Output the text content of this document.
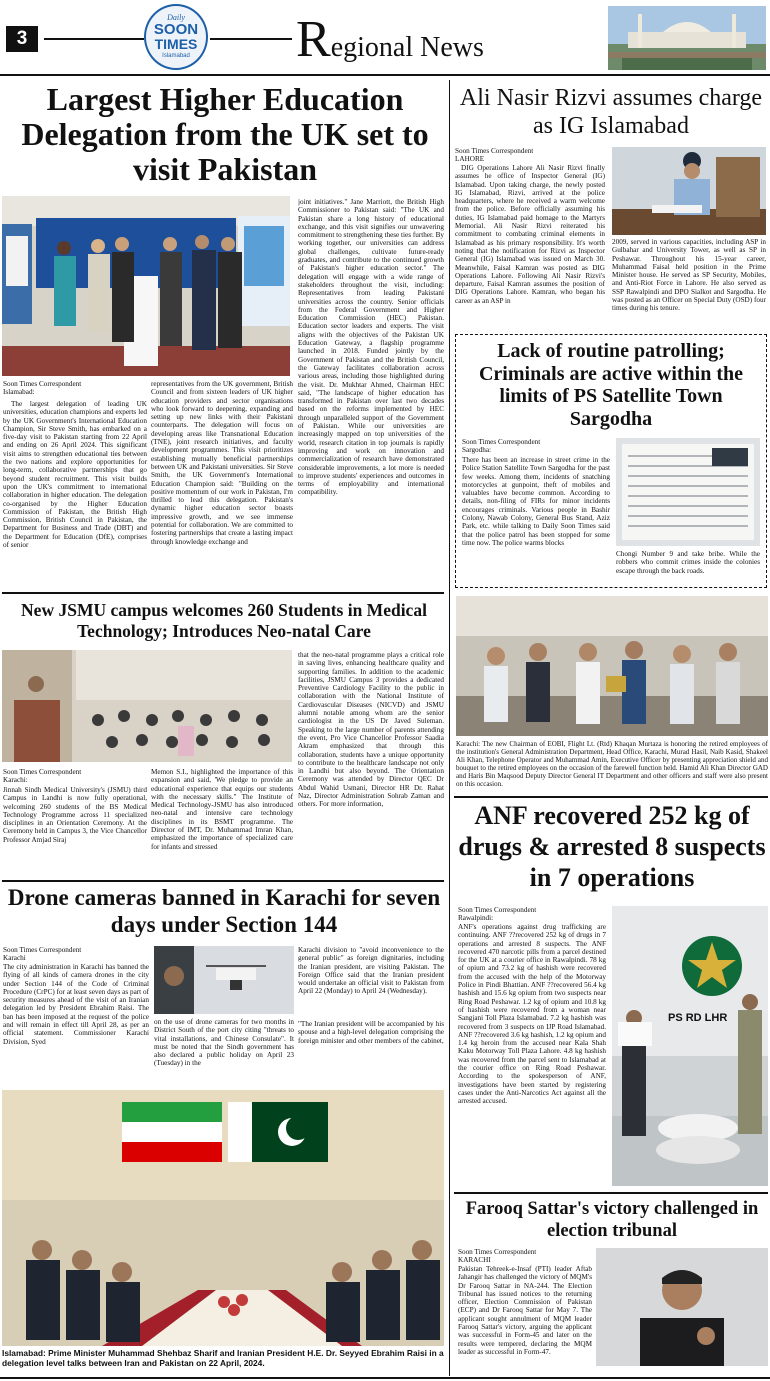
3
Daily
SOON
TIMES
Islamabad	Regional News
Largest Higher Education Delegation from the UK set to visit Pakistan
Soon Times Correspondent
Islamabad:
The largest delegation of leading UK universities, education champions and experts led by the UK Government's International Education Champion, Sir Steve Smith, has embarked on a five-day visit to Pakistan starting from 22 April and ending on 26 April 2024. This significant visit aims to strengthen educational ties between the two nations and explore opportunities for long-term, collaborative partnerships that go beyond student recruitment. This visit builds upon the UK's commitment to international collaboration in higher education. The delegation co-organised by the Higher Education Commission of Pakistan, the British High Commission, British Council in Pakistan, the Department for Business and Trade (DBT) and the Department for Education (DfE), comprises of senior
representatives from the UK government, British Council and from sixteen leaders of UK higher education providers and sector organisations who look forward to deepening, expanding and setting up new links with their Pakistani counterparts. The delegation will focus on developing areas like Transnational Education (TNE), joint research initiatives, and faculty development programmes. This visit prioritizes establishing mutually beneficial partnerships between UK and Pakistani universities. Sir Steve Smith, the UK Government's International Education Champion said: "Building on the positive momentum of our work in Pakistan, I'm thrilled to lead this delegation. Pakistan's dynamic higher education sector boasts impressive growth, and we see immense potential for collaboration. We are committed to fostering partnerships that create a lasting impact through knowledge exchange and
joint initiatives." Jane Marriott, the British High Commissioner to Pakistan said: "The UK and Pakistan share a long history of educational exchange, and this visit signifies our unwavering commitment to strengthening these ties further. By working together, our universities can address global challenges, cultivate future-ready graduates, and contribute to the continued growth of Pakistan's higher education sector." The delegation will engage with a wide range of stakeholders throughout the visit, including: Representatives from leading Pakistani universities across the country. Senior officials from the Federal Government and Higher Education Commission (HEC) Pakistan. Education sector leaders and experts. The visit aligns with the objectives of the Pakistan UK Education Gateway, a flagship programme launched in 2018. Funded jointly by the Government of Pakistan and the British Council, the Gateway facilitates collaboration across various areas, including those highlighted during the visit. Dr. Mukhtar Ahmed, Chairman HEC said, "The landscape of higher education has transformed in Pakistan over last two decades based on the reforms implemented by HEC through unparalleled support of the Government of Pakistan. While our universities are increasingly mapped on top universities of the world, research citation in top journals is rapidly improving and work on innovation and commercialization of research have demonstrated considerable improvements, a lot more is needed to improve students' experiences and outcomes in terms of employability and international compatibility.
Ali Nasir Rizvi assumes charge as IG Islamabad
Soon Times Correspondent
LAHORE
DIG Operations Lahore Ali Nasir Rizvi finally assumes he office of Inspector General (IG) Islamabad. Upon taking charge, the newly posted IG Islamabad, Rizvi, arrived at the police headquarters, where he received a warm welcome from the police. Before officially assuming his duties, IG Islamabad paid homage to the Martyrs Memorial. Ali Nasir Rizvi reiterated his commitment to combating criminal elements in Islamabad as his primary responsibility. It's worth noting that the notification for Rizvi as Inspector General (IG) Islamabad was issued on March 30. Meanwhile, Faisal Kamran was posted as DIG Operations Lahore. Following Ali Nasir Rizvi's departure, Faisal Kamran assumes the position of DIG Operations Lahore. Kamran, who began his career as an ASP in
2009, served in various capacities, including ASP in Gulbahar and University Tower, as well as SP in Peshawar. Throughout his 15-year career, Muhammad Faisal held position in the Prime Minister house. He served as SP Security, Mobiles, and Anti-Riot Force in Lahore. He also served as SSP Rawalpindi and DPO Sialkot and Sargodha. He was posted as an Officer on Special Duty (OSD) four times during his tenure.
Lack of routine patrolling; Criminals are active within the limits of PS Satellite Town Sargodha
Soon Times Correspondent
Sargodha:
There has been an increase in street crime in the Police Station Satellite Town Sargodha for the past few weeks. Among them, incidents of snatching motorcycles at gunpoint, theft of mobiles and valuables have become common. According to details, non-filing of FIRs for minor incidents encourages criminals. Various people in Bashir Colony, Nawab Colony, General Bus Stand, Aziz Park, etc. while talking to Daily Soon Times said that the police patrol has been stopped for some time now. The police warms blocks
Chongi Number 9 and take bribe. While the robbers who commit crimes inside the colonies escape through the back roads.
New JSMU campus welcomes 260 Students in Medical Technology; Introduces Neo-natal Care
Soon Times Correspondent
Karachi:
Jinnah Sindh Medical University's (JSMU) third Campus in Landhi is now fully operational, welcoming 260 students of the BS Medical Technology Programme across 11 specialized disciplines in an Orientation Ceremony. At the Ceremony held in Campus 3, the Vice Chancellor Professor Amjad Siraj
Memon S.I., highlighted the importance of this expansion and said, 'We pledge to provide an educational experience that equips our students with the necessary skills." The Institute of Medical Technology-JSMU has also introduced neo-natal and intensive care technology disciplines in its BSMT programme. The Director of IMT, Dr. Muhammad Imran Khan, emphasized the importance of specialized care for infants and stressed
that the neo-natal programme plays a critical role in saving lives, enhancing healthcare quality and supporting families. In addition to the academic facilities, JSMU Campus 3 provides a dedicated Preventive Cardiology Facility to the public in collaboration with the National Institute of Cardiovascular Diseases (NICVD) and JSMU alumni notable among whom are the senior cardiologist in the US Dr Javed Suleman. Speaking to the large number of parents attending the event, Pro Vice Chancellor Professor Saadia Akram emphasized that through this collaboration, students have a unique opportunity to contribute to the healthcare landscape not only in Landhi but also beyond. The Orientation Ceremony was attended by Director QEC Dr Abdul Wahid Usmani, Director HR Dr. Rahat Naz, Director Administration Sohrab Zaman and others. For more information,
Karachi: The new Chairman of EOBI, Flight Lt. (Rtd) Khaqan Murtaza is honoring the retired employees of the institution's General Administration Department, Head Office, Karachi, Murad Hasil, Naib Kasid, Shakeel Ali Khan, Telephone Operator and Muhammad Amin, Executive Officer by presenting appreciation shield and bouquet to the retired employees on the occasion of the farewell function held. Hamid Ali Khan Director GAD and Haris Bin Maqsood Deputy Director General IT Department and other officers and staff were also present on this occasion.
ANF recovered 252 kg of drugs & arrested 8 suspects in 7 operations
Soon Times Correspondent
Rawalpindi:
ANF's operations against drug trafficking are continuing. ANF ??recovered 252 kg of drugs in 7 operations and arrested 8 suspects. The ANF recovered 470 narcotic pills from a parcel destined for the UK at a courier office in Rawalpindi. 78 kg of opium and 73.2 kg of hashish were recovered from the accused with the help of the Motorway Police in Pindi Bhattian. ANF ??recovered 56.4 kg hashish and 15.6 kg opium from two suspects near Ring Road Peshawar. 1.2 kg of opium and 10.8 kg of hashish were recovered from a woman near Sangjani Toll Plaza Islamabad. 7.2 kg hashish was recovered from 3 suspects on IJP Road Islamabad. ANF ??recovered 3.6 kg hashish, 1.2 kg opium and 1.4 kg heroin from the accused near Kala Shah Kaku Motorway Toll Plaza Lahore. 4.8 kg hashish was recovered from the parcel sent to Islamabad at the courier office on Ring Road Peshawar. According to the spokesperson of ANF, investigations have been started by registering cases under the Anti-Narcotics Act against all the arrested accused.
PS RD LHR
Farooq Sattar's victory challenged in election tribunal
Soon Times Correspondent
KARACHI
Pakistan Tehreek-e-Insaf (PTI) leader Aftab Jahangir has challenged the victory of MQM's Dr Farooq Sattar in NA-244. The Election Tribunal has issued notices to the returning officer, Election Commission of Pakistan (ECP) and Dr Farooq Sattar for May 7. The applicant sought annulment of MQM leader Farooq Sattar's victory, arguing the applicant was successful in Form-45 and later on the results were tempered, declaring the MQM leader as successful in Form-47.
Drone cameras banned in Karachi for seven days under Section 144
Soon Times Correspondent
Karachi
The city administration in Karachi has banned the flying of all kinds of camera drones in the city under Section 144 of the Code of Criminal Procedure (CrPC) for at least seven days as part of security measures ahead of the visit of an Iranian delegation led by President Ebrahim Raisi. The ban has been imposed at the request of the police and will remain in effect till April 28, as per an official statement. Commissioner Karachi Division, Syed
on the use of drone cameras for two months in District South of the port city citing "threats to vital installations, and Chinese Consulate". It must be noted that the Sindh government has also declared a public holiday on April 23 (Tuesday) in the
Karachi division to "avoid inconvenience to the general public" as foreign dignitaries, including the Iranian president, are visiting Pakistan. The Foreign Office said that the Iranian president would undertake an official visit to Pakistan from April 22 (Monday) to April 24 (Wednesday).
"The Iranian president will be accompanied by his spouse and a high-level delegation comprising the foreign minister and other members of the cabinet,
Islamabad: Prime Minister Muhammad Shehbaz Sharif and Iranian President H.E. Dr. Seyyed Ebrahim Raisi in a delegation level talks between Iran and Pakistan on 22 April, 2024.
